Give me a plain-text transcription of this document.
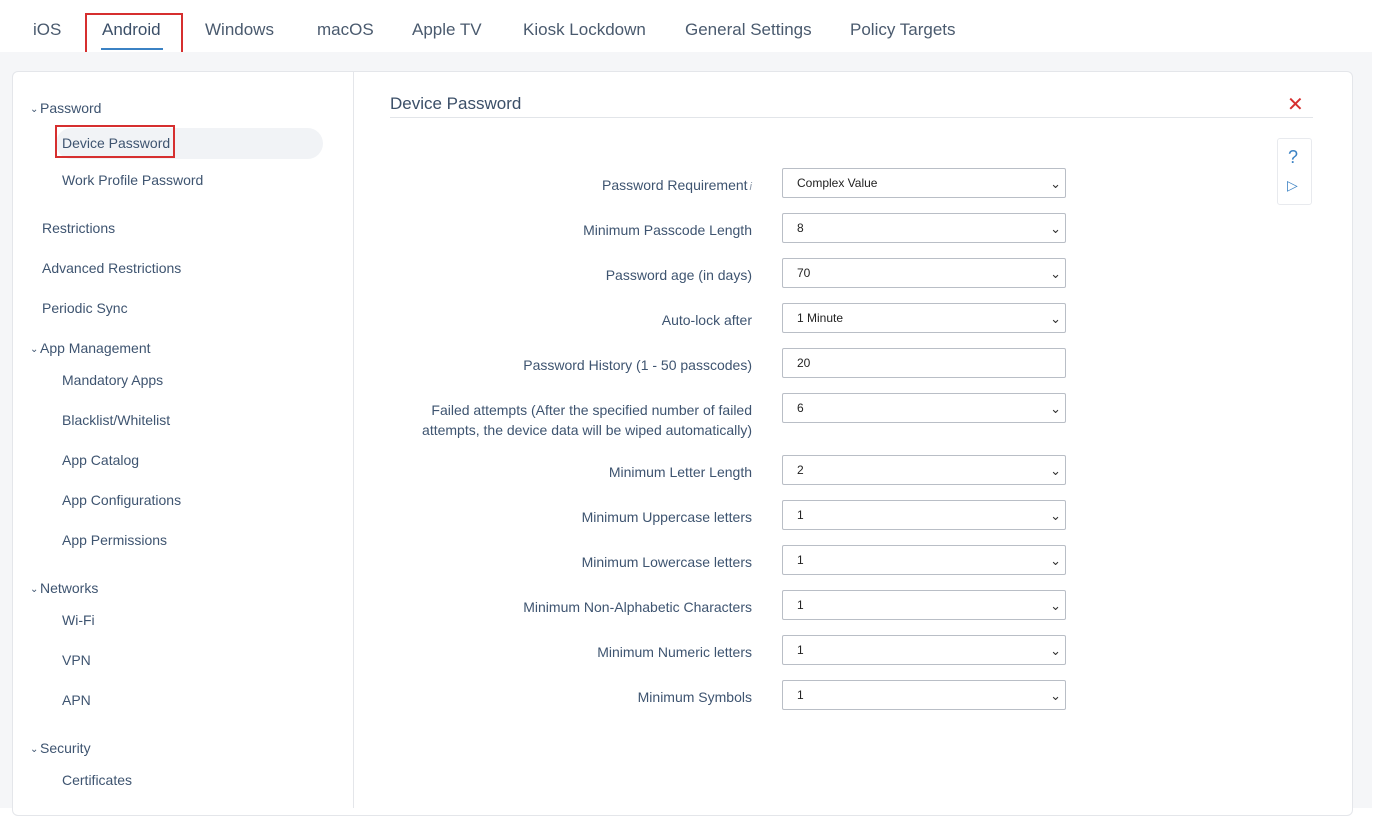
iOS Android	Windows	macOS Apple TV Kiosk Lockdown General Settings Policy Targets
⌄ Password
Device Password
Work Profile Password
Restrictions
Advanced Restrictions
Periodic Sync
⌄ App Management
Mandatory Apps
Blacklist/Whitelist
App Catalog
App Configurations
App Permissions
⌄ Networks
Wi-Fi
VPN
APN
⌄ Security
Certificates
Device Password	✕
?
▷
Password Requirement i	Complex Value	⌄
Minimum Passcode Length	8	⌄
Password age (in days)	70	⌄
Auto-lock after	1 Minute	⌄
Password History (1 - 50 passcodes)	20
Failed attempts (After the specified number of failed
attempts, the device data will be wiped automatically)
6	⌄
Minimum Letter Length	2	⌄
Minimum Uppercase letters	1	⌄
Minimum Lowercase letters	1	⌄
Minimum Non-Alphabetic Characters	1	⌄
Minimum Numeric letters	1	⌄
Minimum Symbols	1	⌄
